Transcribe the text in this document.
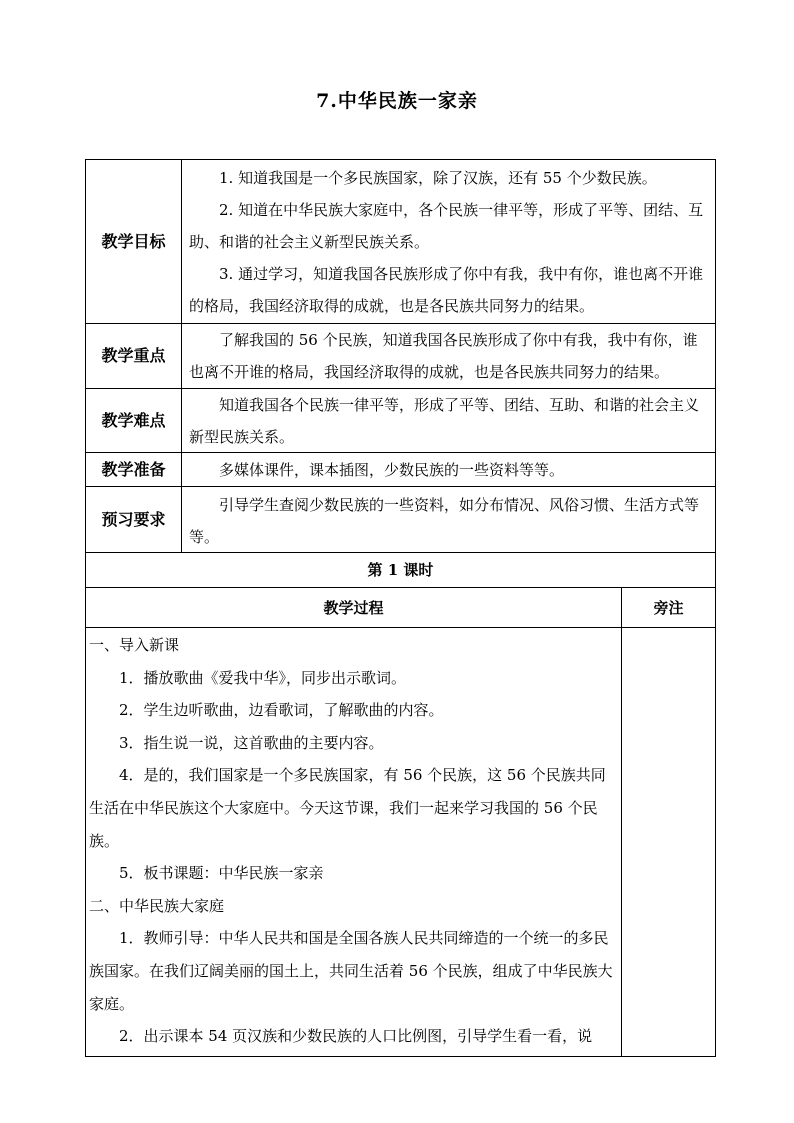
7.中华民族一家亲
教学目标
教学重点
教学难点
教学准备
预习要求

1. 知道我国是一个多民族国家，除了汉族，还有 55 个少数民族。

2. 知道在中华民族大家庭中，各个民族一律平等，形成了平等、团结、互助、和谐的社会主义新型民族关系。

3. 通过学习，知道我国各民族形成了你中有我，我中有你，谁也离不开谁的格局，我国经济取得的成就，也是各民族共同努力的结果。

了解我国的 56 个民族，知道我国各民族形成了你中有我，我中有你，谁也离不开谁的格局，我国经济取得的成就，也是各民族共同努力的结果。

知道我国各个民族一律平等，形成了平等、团结、互助、和谐的社会主义新型民族关系。

多媒体课件，课本插图，少数民族的一些资料等等。

引导学生查阅少数民族的一些资料，如分布情况、风俗习惯、生活方式等等。

第 1 课时
教学过程	旁注

一、导入新课

1．播放歌曲《爱我中华》，同步出示歌词。

2．学生边听歌曲，边看歌词，了解歌曲的内容。

3．指生说一说，这首歌曲的主要内容。

4．是的，我们国家是一个多民族国家，有 56 个民族，这 56 个民族共同生活在中华民族这个大家庭中。今天这节课，我们一起来学习我国的 56 个民族。

5．板书课题：中华民族一家亲

二、中华民族大家庭

1．教师引导：中华人民共和国是全国各族人民共同缔造的一个统一的多民族国家。在我们辽阔美丽的国土上，共同生活着 56 个民族，组成了中华民族大家庭。

2．出示课本 54 页汉族和少数民族的人口比例图，引导学生看一看，说
